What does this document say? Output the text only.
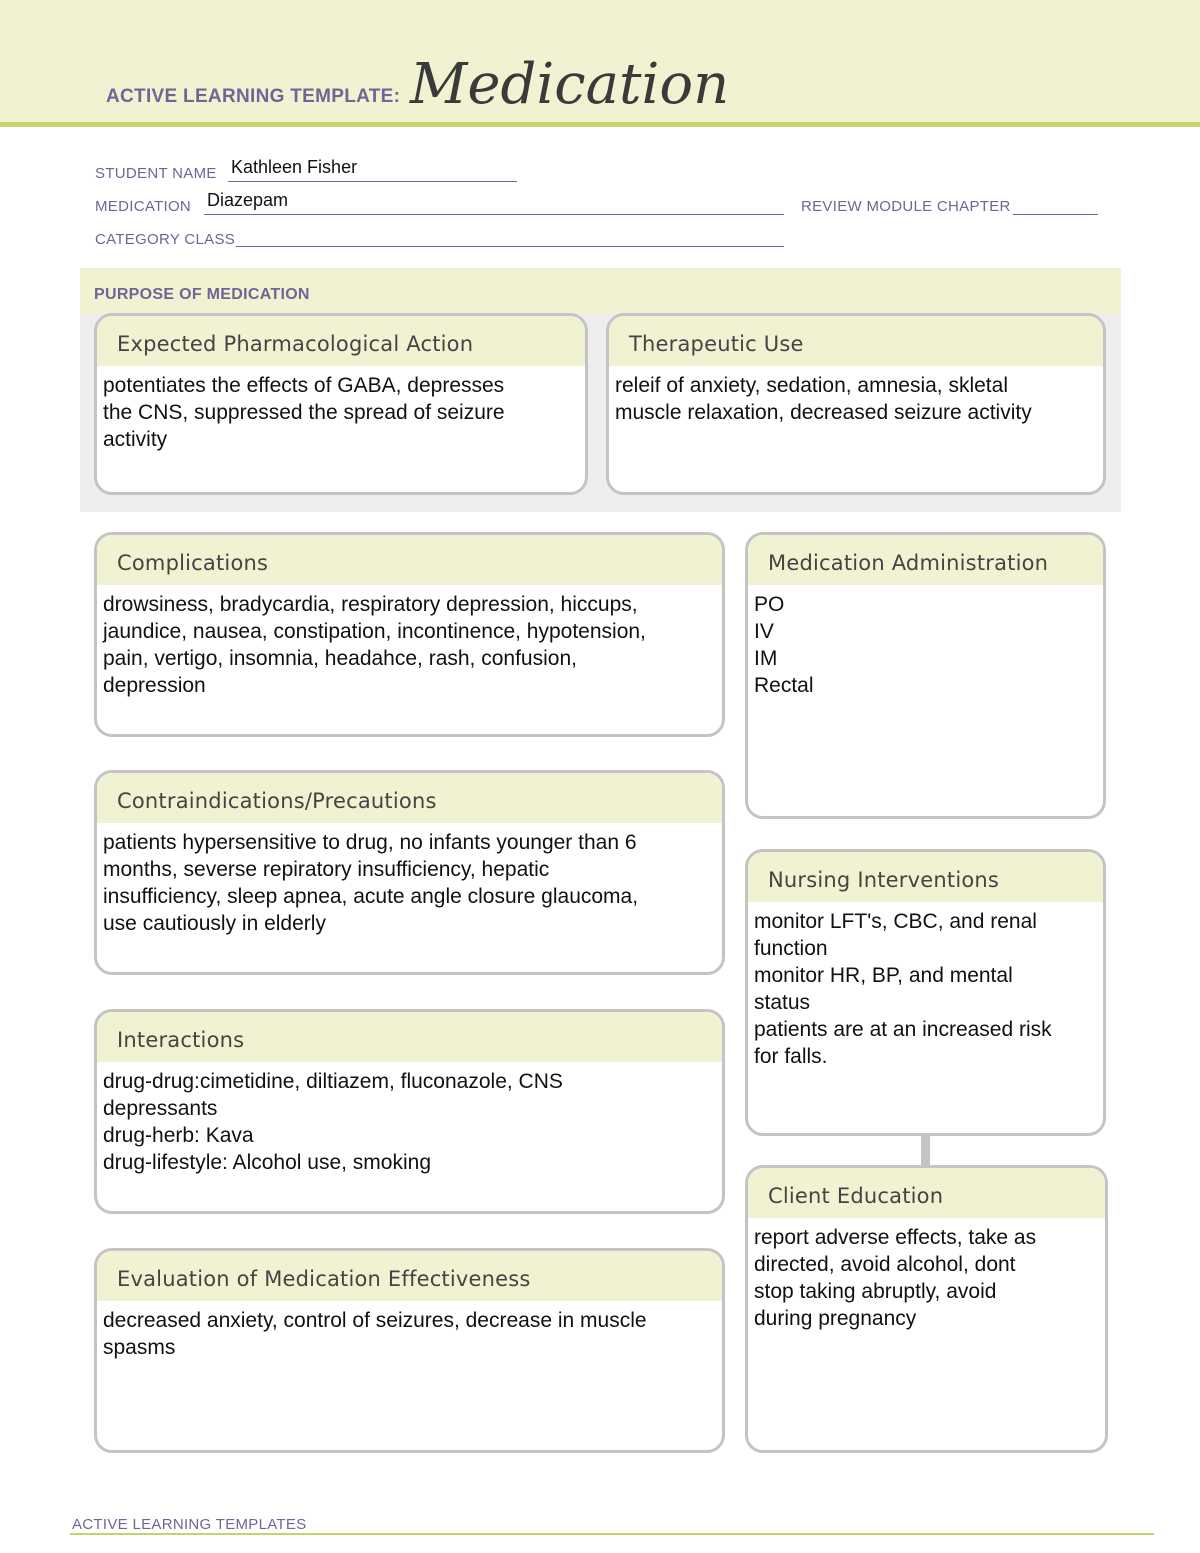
ACTIVE LEARNING TEMPLATE: Medication
STUDENT NAME Kathleen Fisher
MEDICATION Diazepam	REVIEW MODULE CHAPTER
CATEGORY CLASS
PURPOSE OF MEDICATION
Expected Pharmacological Action
potentiates the effects of GABA, depresses
the CNS, suppressed the spread of seizure
activity
Therapeutic Use
releif of anxiety, sedation, amnesia, skletal
muscle relaxation, decreased seizure activity
Complications
drowsiness, bradycardia, respiratory depression, hiccups,
jaundice, nausea, constipation, incontinence, hypotension,
pain, vertigo, insomnia, headahce, rash, confusion,
depression
Contraindications/Precautions
patients hypersensitive to drug, no infants younger than 6
months, severse repiratory insufficiency, hepatic
insufficiency, sleep apnea, acute angle closure glaucoma,
use cautiously in elderly
Interactions
drug-drug:cimetidine, diltiazem, fluconazole, CNS
depressants
drug-herb: Kava
drug-lifestyle: Alcohol use, smoking
Evaluation of Medication Effectiveness
decreased anxiety, control of seizures, decrease in muscle
spasms
Medication Administration
PO
IV
IM
Rectal
Nursing Interventions
monitor LFT's, CBC, and renal
function
monitor HR, BP, and mental
status
patients are at an increased risk
for falls.
Client Education
report adverse effects, take as
directed, avoid alcohol, dont
stop taking abruptly, avoid
during pregnancy
ACTIVE LEARNING TEMPLATES
